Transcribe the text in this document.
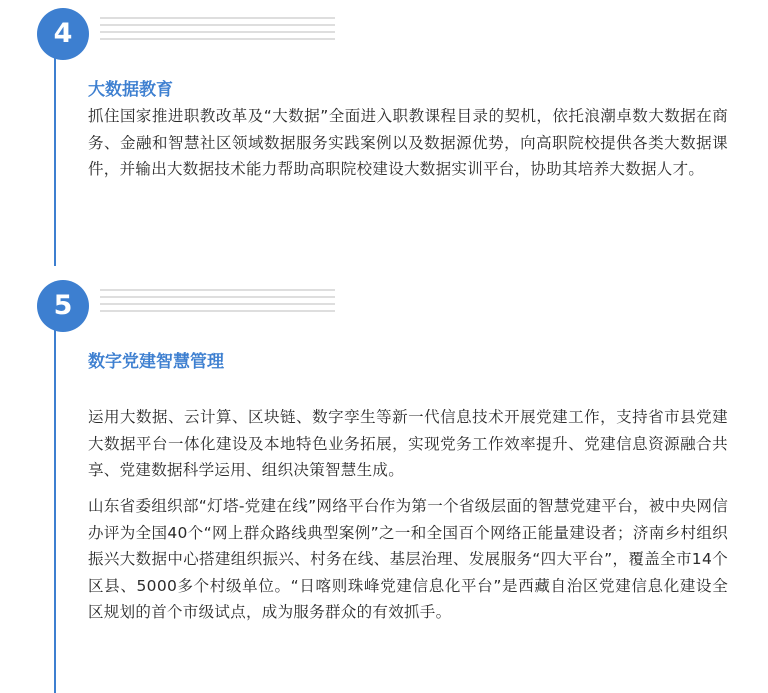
4
大数据教育

抓住国家推进职教改革及“大数据”全面进入职教课程目录的契机，依托浪潮卓数大数据在商务、金融和智慧社区领域数据服务实践案例以及数据源优势，向高职院校提供各类大数据课件，并输出大数据技术能力帮助高职院校建设大数据实训平台，协助其培养大数据人才。

5
数字党建智慧管理

运用大数据、云计算、区块链、数字孪生等新一代信息技术开展党建工作，支持省市县党建大数据平台一体化建设及本地特色业务拓展，实现党务工作效率提升、党建信息资源融合共享、党建数据科学运用、组织决策智慧生成。

山东省委组织部“灯塔-党建在线”网络平台作为第一个省级层面的智慧党建平台，被中央网信办评为全国40个“网上群众路线典型案例”之一和全国百个网络正能量建设者；济南乡村组织振兴大数据中心搭建组织振兴、村务在线、基层治理、发展服务“四大平台”，覆盖全市14个区县、5000多个村级单位。“日喀则珠峰党建信息化平台”是西藏自治区党建信息化建设全区规划的首个市级试点，成为服务群众的有效抓手。
